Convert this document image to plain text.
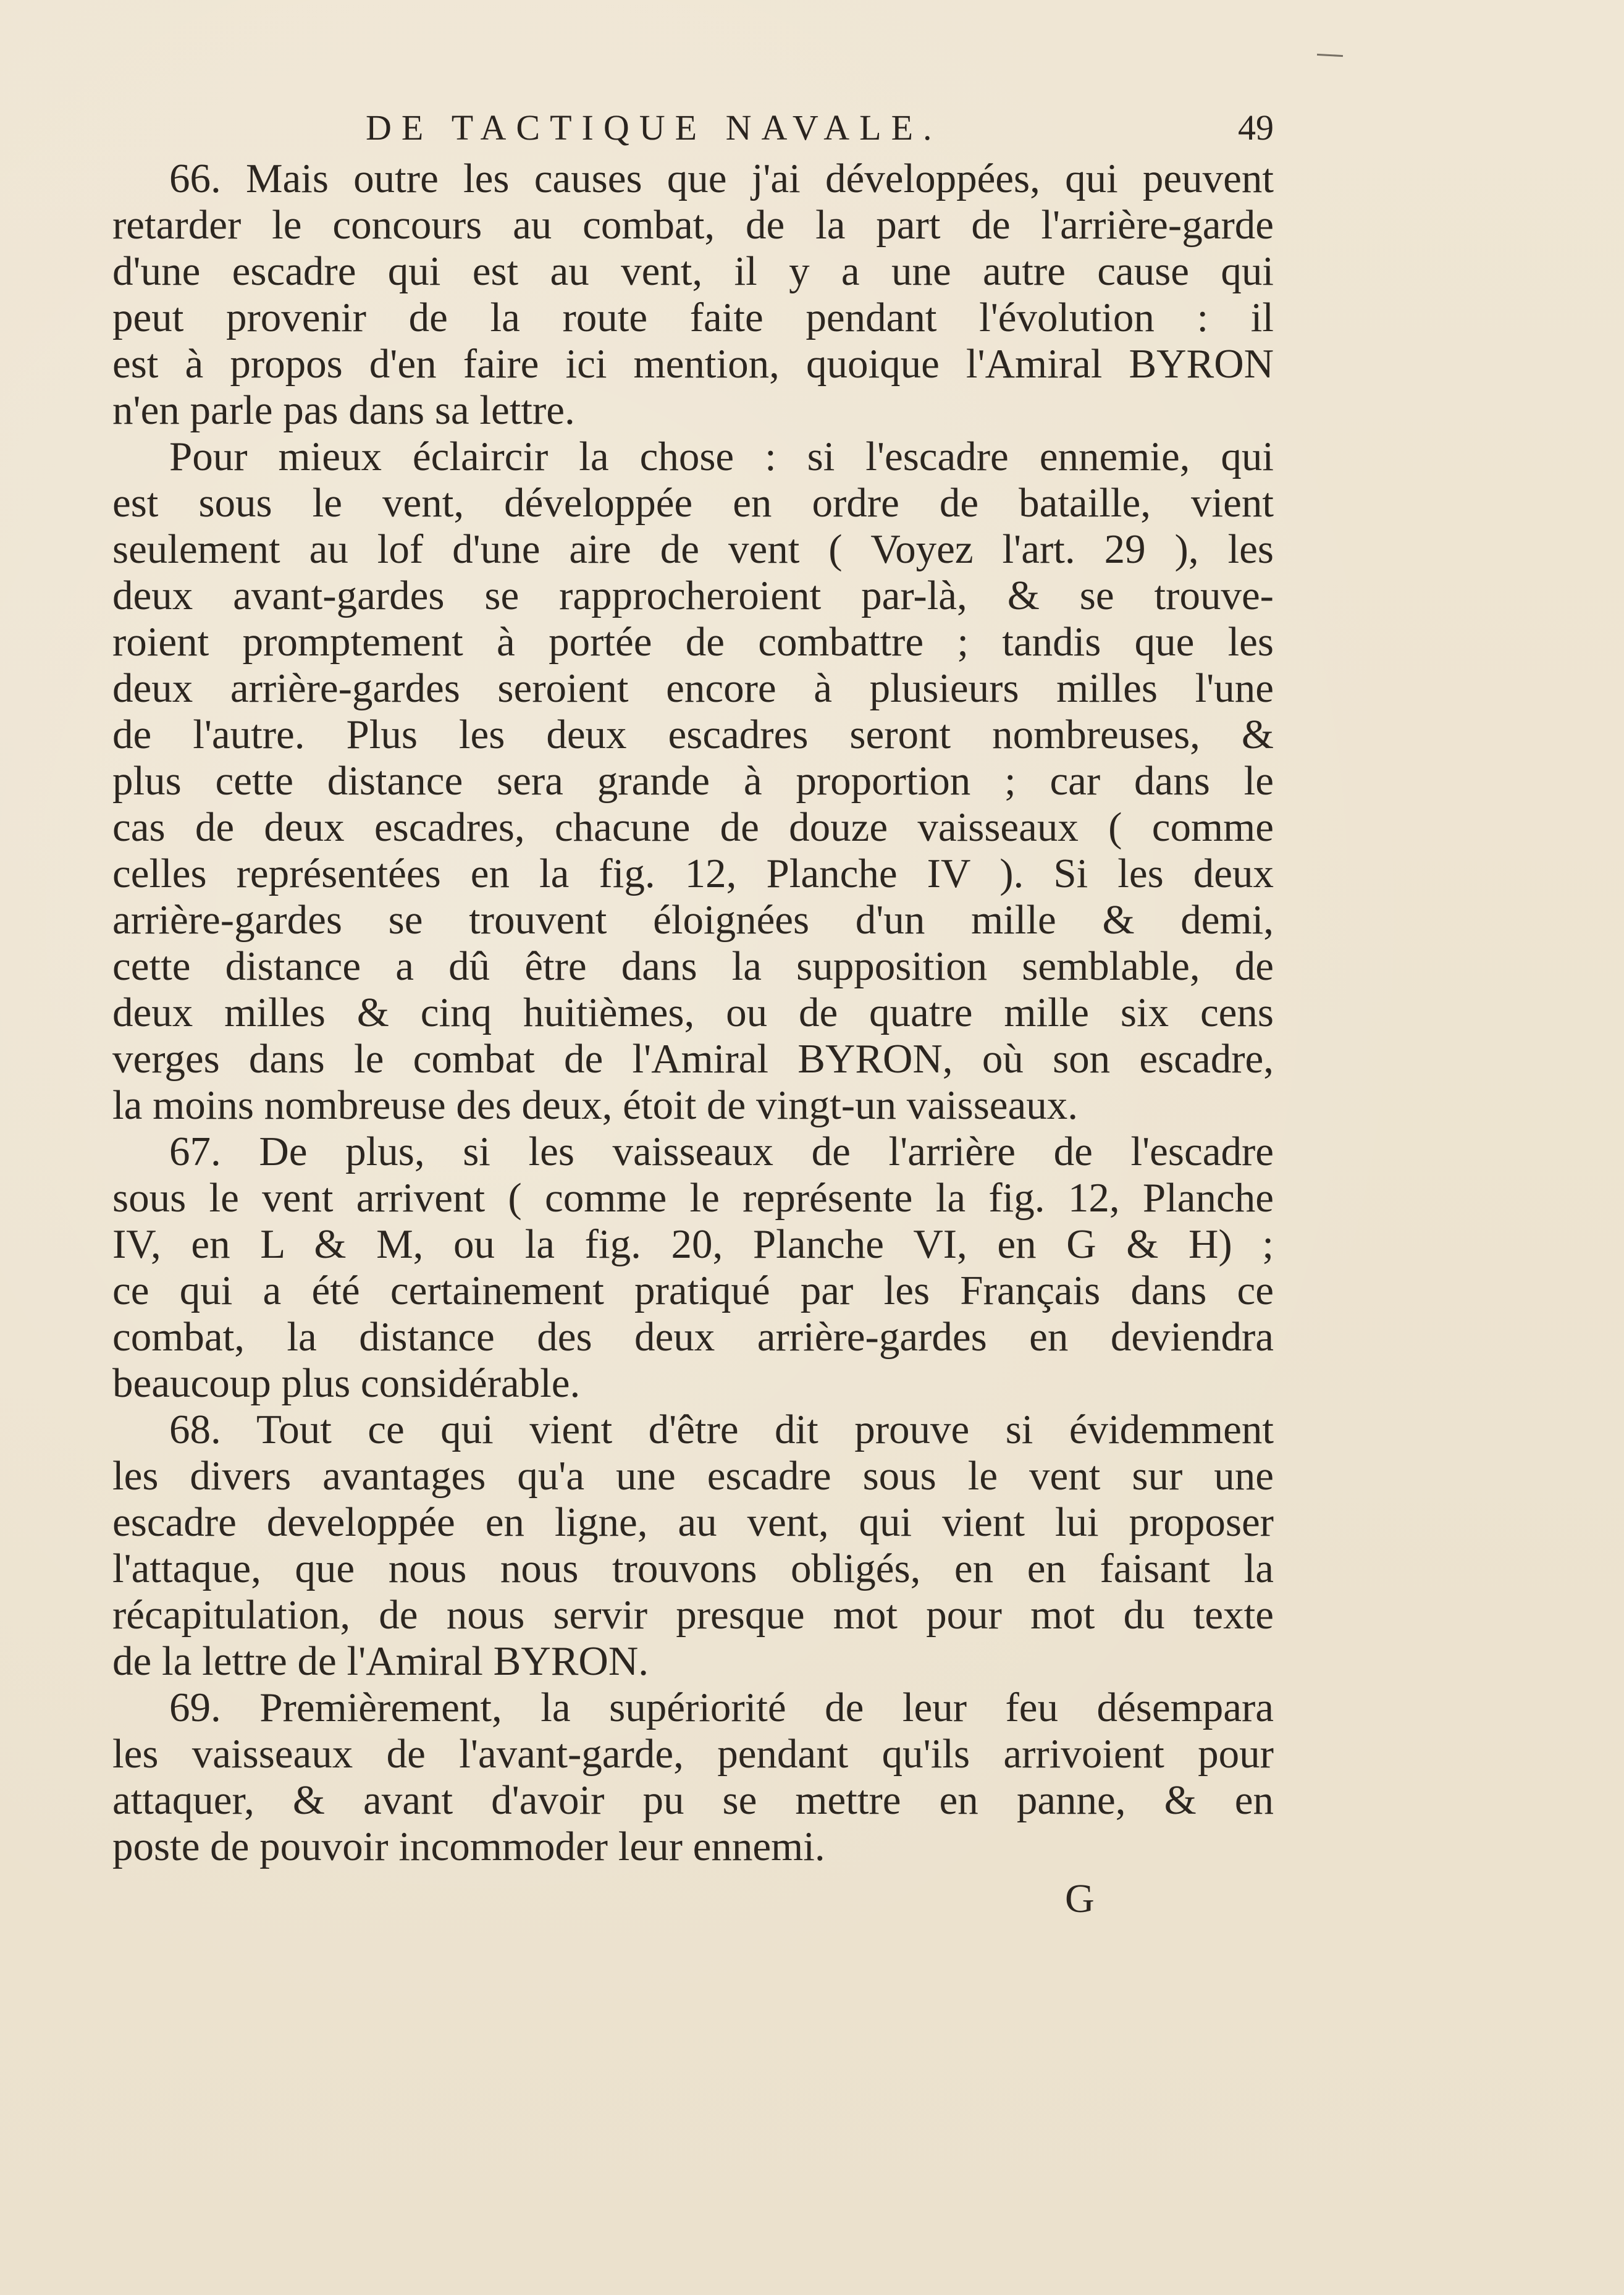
DE TACTIQUE NAVALE.	49
66. Mais outre les causes que j'ai développées, qui peuvent
retarder le concours au combat, de la part de l'arrière-garde
d'une escadre qui est au vent, il y a une autre cause qui
peut provenir de la route faite pendant l'évolution : il
est à propos d'en faire ici mention, quoique l'Amiral BYRON
n'en parle pas dans sa lettre.
Pour mieux éclaircir la chose : si l'escadre ennemie, qui
est sous le vent, développée en ordre de bataille, vient
seulement au lof d'une aire de vent ( Voyez l'art. 29 ), les
deux avant-gardes se rapprocheroient par-là, & se trouve-
roient promptement à portée de combattre ; tandis que les
deux arrière-gardes seroient encore à plusieurs milles l'une
de l'autre. Plus les deux escadres seront nombreuses, &
plus cette distance sera grande à proportion ; car dans le
cas de deux escadres, chacune de douze vaisseaux ( comme
celles représentées en la fig. 12, Planche IV ). Si les deux
arrière-gardes se trouvent éloignées d'un mille & demi,
cette distance a dû être dans la supposition semblable, de
deux milles & cinq huitièmes, ou de quatre mille six cens
verges dans le combat de l'Amiral BYRON, où son escadre,
la moins nombreuse des deux, étoit de vingt-un vaisseaux.
67. De plus, si les vaisseaux de l'arrière de l'escadre
sous le vent arrivent ( comme le représente la fig. 12, Planche
IV, en L & M, ou la fig. 20, Planche VI, en G & H) ;
ce qui a été certainement pratiqué par les Français dans ce
combat, la distance des deux arrière-gardes en deviendra
beaucoup plus considérable.
68. Tout ce qui vient d'être dit prouve si évidemment
les divers avantages qu'a une escadre sous le vent sur une
escadre developpée en ligne, au vent, qui vient lui proposer
l'attaque, que nous nous trouvons obligés, en en faisant la
récapitulation, de nous servir presque mot pour mot du texte
de la lettre de l'Amiral BYRON.
69. Premièrement, la supériorité de leur feu désempara
les vaisseaux de l'avant-garde, pendant qu'ils arrivoient pour
attaquer, & avant d'avoir pu se mettre en panne, & en
poste de pouvoir incommoder leur ennemi.
G
